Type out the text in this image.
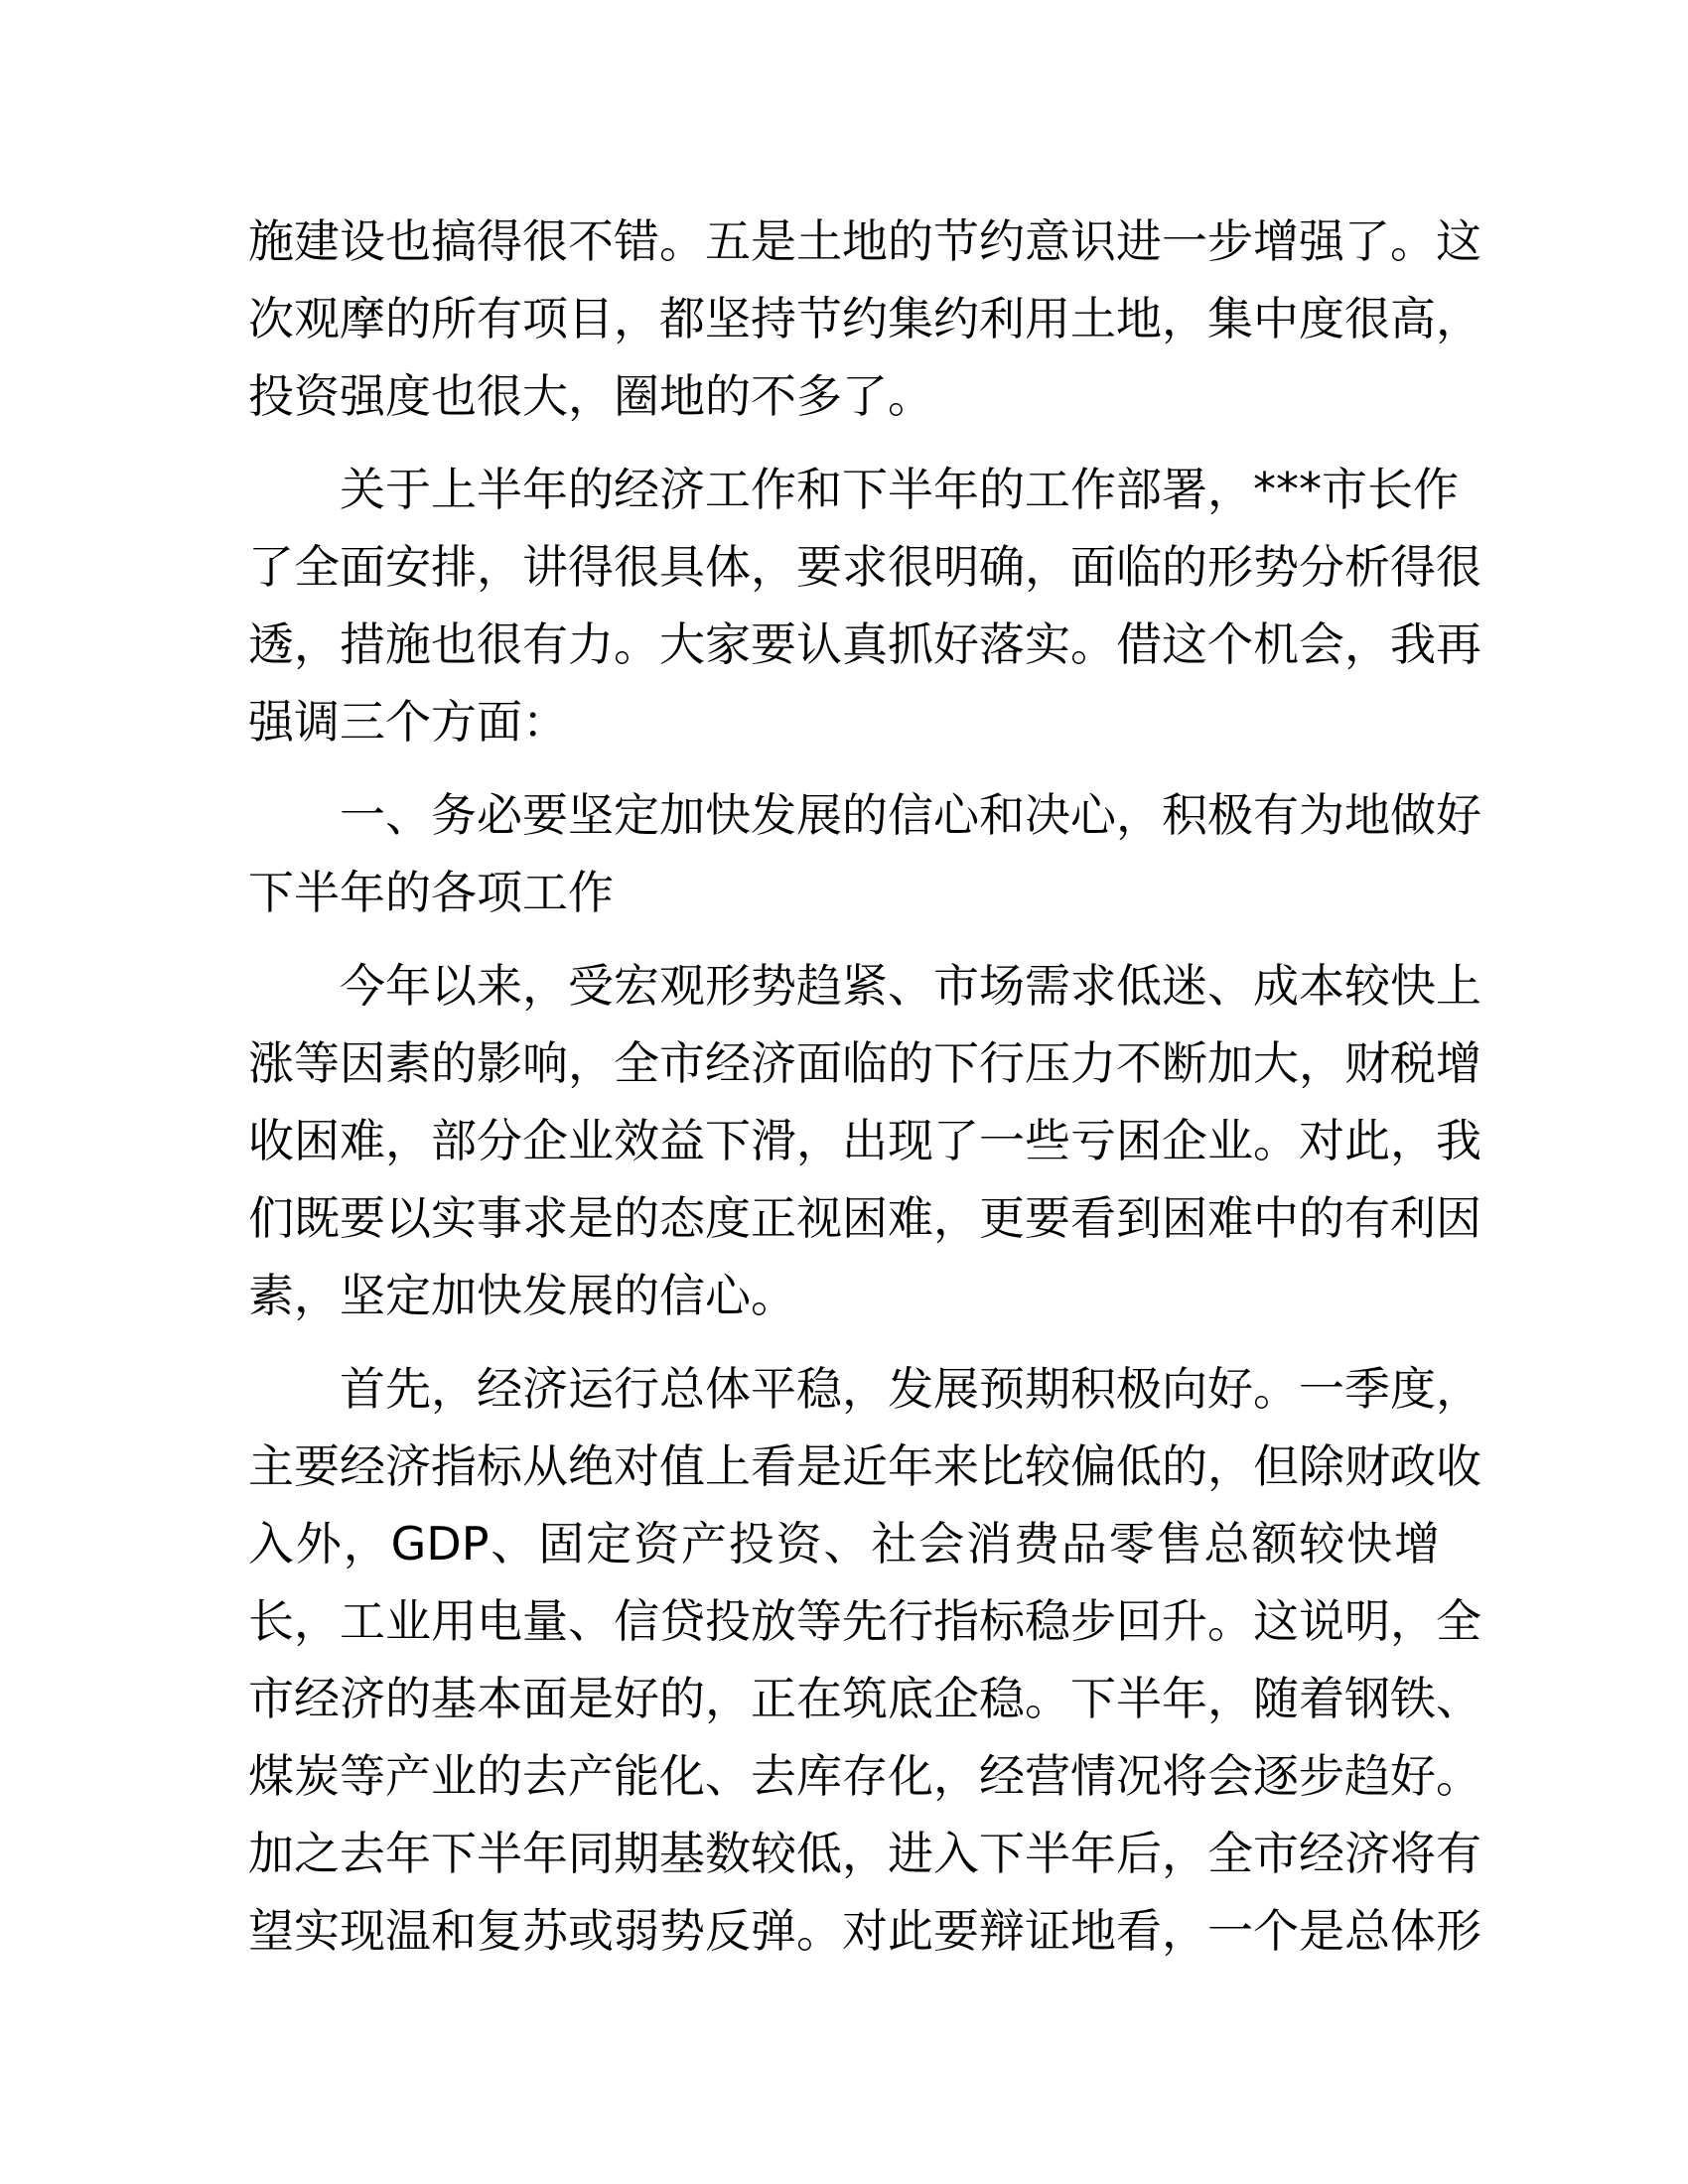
施建设也搞得很不错。五是土地的节约意识进一步增强了。这
次观摩的所有项目，都坚持节约集约利用土地，集中度很高，
投资强度也很大，圈地的不多了。
关于上半年的经济工作和下半年的工作部署，***市长作
了全面安排，讲得很具体，要求很明确，面临的形势分析得很
透，措施也很有力。大家要认真抓好落实。借这个机会，我再
强调三个方面：
一、务必要坚定加快发展的信心和决心，积极有为地做好
下半年的各项工作
今年以来，受宏观形势趋紧、市场需求低迷、成本较快上
涨等因素的影响，全市经济面临的下行压力不断加大，财税增
收困难，部分企业效益下滑，出现了一些亏困企业。对此，我
们既要以实事求是的态度正视困难，更要看到困难中的有利因
素，坚定加快发展的信心。
首先，经济运行总体平稳，发展预期积极向好。一季度，
主要经济指标从绝对值上看是近年来比较偏低的，但除财政收
入外，GDP、固定资产投资、社会消费品零售总额较快增
长，工业用电量、信贷投放等先行指标稳步回升。这说明，全
市经济的基本面是好的，正在筑底企稳。下半年，随着钢铁、
煤炭等产业的去产能化、去库存化，经营情况将会逐步趋好。
加之去年下半年同期基数较低，进入下半年后，全市经济将有
望实现温和复苏或弱势反弹。对此要辩证地看，一个是总体形
